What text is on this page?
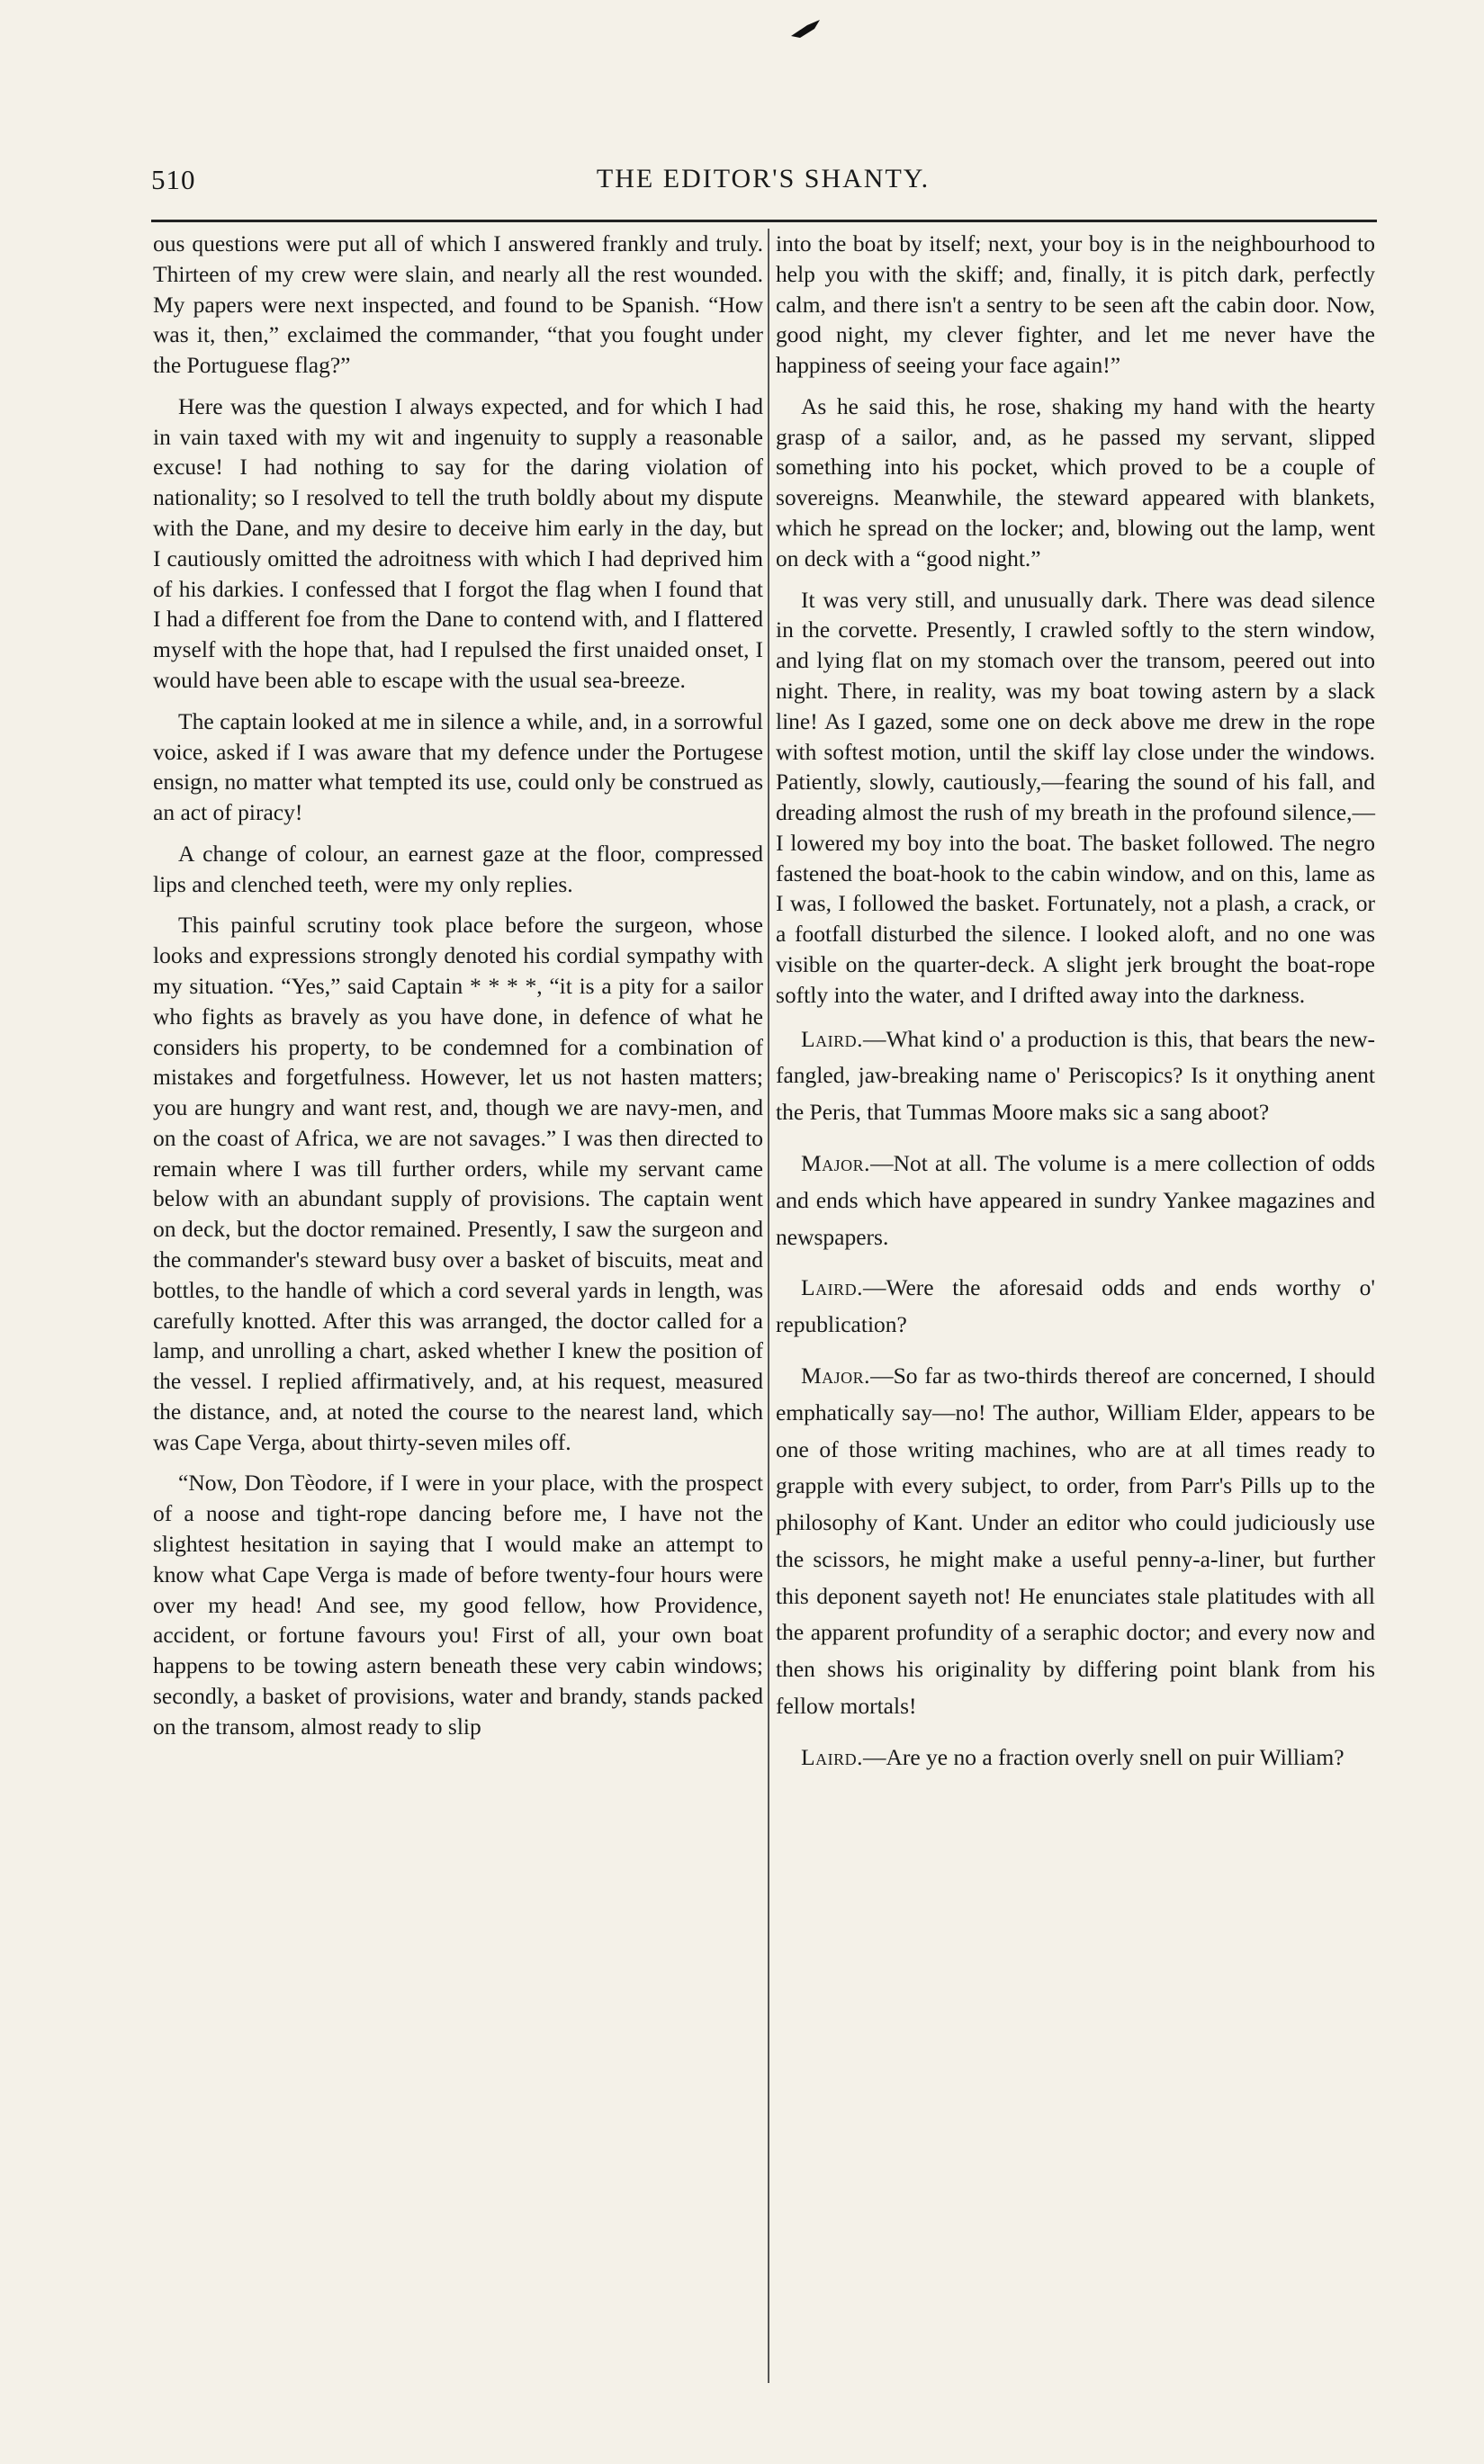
510	THE EDITOR'S SHANTY.

ous questions were put all of which I answered frankly and truly. Thirteen of my crew were slain, and nearly all the rest wounded. My papers were next inspected, and found to be Spanish. “How was it, then,” exclaimed the commander, “that you fought under the Portuguese flag?”

Here was the question I always expected, and for which I had in vain taxed with my wit and ingenuity to supply a reasonable excuse! I had nothing to say for the daring violation of nationality; so I resolved to tell the truth boldly about my dispute with the Dane, and my desire to deceive him early in the day, but I cautiously omitted the adroitness with which I had deprived him of his darkies. I confessed that I forgot the flag when I found that I had a different foe from the Dane to contend with, and I flattered myself with the hope that, had I repulsed the first unaided onset, I would have been able to escape with the usual sea-breeze.

The captain looked at me in silence a while, and, in a sorrowful voice, asked if I was aware that my defence under the Portugese ensign, no matter what tempted its use, could only be construed as an act of piracy!

A change of colour, an earnest gaze at the floor, compressed lips and clenched teeth, were my only replies.

This painful scrutiny took place before the surgeon, whose looks and expressions strongly denoted his cordial sympathy with my situation. “Yes,” said Captain * * * *, “it is a pity for a sailor who fights as bravely as you have done, in defence of what he considers his property, to be condemned for a combination of mistakes and forgetfulness. However, let us not hasten matters; you are hungry and want rest, and, though we are navy-men, and on the coast of Africa, we are not savages.” I was then directed to remain where I was till further orders, while my servant came below with an abundant supply of provisions. The captain went on deck, but the doctor remained. Presently, I saw the surgeon and the commander's steward busy over a basket of biscuits, meat and bottles, to the handle of which a cord several yards in length, was carefully knotted. After this was arranged, the doctor called for a lamp, and unrolling a chart, asked whether I knew the position of the vessel. I replied affirmatively, and, at his request, measured the distance, and, at noted the course to the nearest land, which was Cape Verga, about thirty-seven miles off.

“Now, Don Tèodore, if I were in your place, with the prospect of a noose and tight-rope dancing before me, I have not the slightest hesitation in saying that I would make an attempt to know what Cape Verga is made of before twenty-four hours were over my head! And see, my good fellow, how Providence, accident, or fortune favours you! First of all, your own boat happens to be towing astern beneath these very cabin windows; secondly, a basket of provisions, water and brandy, stands packed on the transom, almost ready to slip

into the boat by itself; next, your boy is in the neighbourhood to help you with the skiff; and, finally, it is pitch dark, perfectly calm, and there isn't a sentry to be seen aft the cabin door. Now, good night, my clever fighter, and let me never have the happiness of seeing your face again!”

As he said this, he rose, shaking my hand with the hearty grasp of a sailor, and, as he passed my servant, slipped something into his pocket, which proved to be a couple of sovereigns. Meanwhile, the steward appeared with blankets, which he spread on the locker; and, blowing out the lamp, went on deck with a “good night.”

It was very still, and unusually dark. There was dead silence in the corvette. Presently, I crawled softly to the stern window, and lying flat on my stomach over the transom, peered out into night. There, in reality, was my boat towing astern by a slack line! As I gazed, some one on deck above me drew in the rope with softest motion, until the skiff lay close under the windows. Patiently, slowly, cautiously,—fearing the sound of his fall, and dreading almost the rush of my breath in the profound silence,—I lowered my boy into the boat. The basket followed. The negro fastened the boat-hook to the cabin window, and on this, lame as I was, I followed the basket. Fortunately, not a plash, a crack, or a footfall disturbed the silence. I looked aloft, and no one was visible on the quarter-deck. A slight jerk brought the boat-rope softly into the water, and I drifted away into the darkness.

Laird.—What kind o' a production is this, that bears the new-fangled, jaw-breaking name o' Periscopics? Is it onything anent the Peris, that Tummas Moore maks sic a sang aboot?

Major.—Not at all. The volume is a mere collection of odds and ends which have appeared in sundry Yankee magazines and newspapers.

Laird.—Were the aforesaid odds and ends worthy o' republication?

Major.—So far as two-thirds thereof are concerned, I should emphatically say—no! The author, William Elder, appears to be one of those writing machines, who are at all times ready to grapple with every subject, to order, from Parr's Pills up to the philosophy of Kant. Under an editor who could judiciously use the scissors, he might make a useful penny-a-liner, but further this deponent sayeth not! He enunciates stale platitudes with all the apparent profundity of a seraphic doctor; and every now and then shows his originality by differing point blank from his fellow mortals!

Laird.—Are ye no a fraction overly snell on puir William?
